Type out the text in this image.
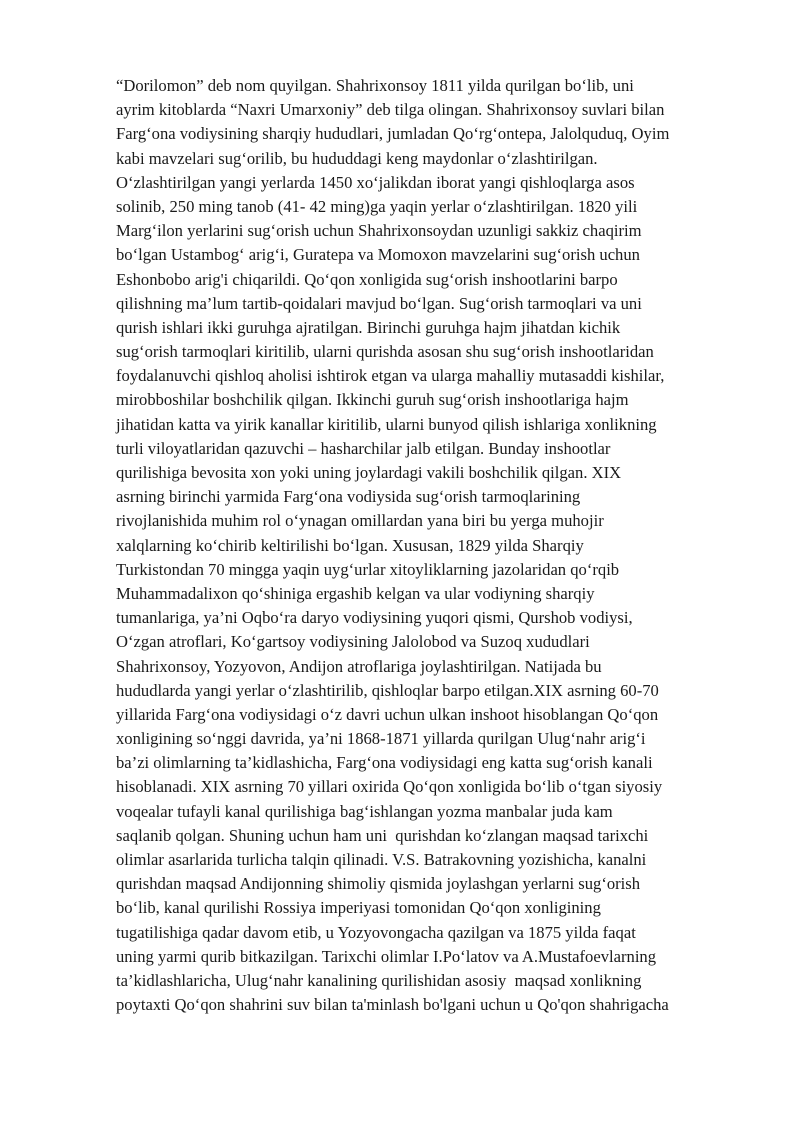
“Dorilomon” deb nom quyilgan. Shahrixonsoy 1811 yilda qurilgan bo‘lib, uni
ayrim kitoblarda “Naxri Umarxoniy” deb tilga olingan. Shahrixonsoy suvlari bilan
Farg‘ona vodiysining sharqiy hududlari, jumladan Qo‘rg‘ontepa, Jalolquduq, Oyim
kabi mavzelari sug‘orilib, bu hududdagi keng maydonlar o‘zlashtirilgan.
O‘zlashtirilgan yangi yerlarda 1450 xo‘jalikdan iborat yangi qishloqlarga asos
solinib, 250 ming tanob (41- 42 ming)ga yaqin yerlar o‘zlashtirilgan. 1820 yili
Marg‘ilon yerlarini sug‘orish uchun Shahrixonsoydan uzunligi sakkiz chaqirim
bo‘lgan Ustambog‘ arig‘i, Guratepa va Momoxon mavzelarini sug‘orish uchun
Eshonbobo arig'i chiqarildi. Qo‘qon xonligida sug‘orish inshootlarini barpo
qilishning ma’lum tartib-qoidalari mavjud bo‘lgan. Sug‘orish tarmoqlari va uni
qurish ishlari ikki guruhga ajratilgan. Birinchi guruhga hajm jihatdan kichik
sug‘orish tarmoqlari kiritilib, ularni qurishda asosan shu sug‘orish inshootlaridan
foydalanuvchi qishloq aholisi ishtirok etgan va ularga mahalliy mutasaddi kishilar,
mirobboshilar boshchilik qilgan. Ikkinchi guruh sug‘orish inshootlariga hajm
jihatidan katta va yirik kanallar kiritilib, ularni bunyod qilish ishlariga xonlikning
turli viloyatlaridan qazuvchi – hasharchilar jalb etilgan. Bunday inshootlar
qurilishiga bevosita xon yoki uning joylardagi vakili boshchilik qilgan. XIX
asrning birinchi yarmida Farg‘ona vodiysida sug‘orish tarmoqlarining
rivojlanishida muhim rol o‘ynagan omillardan yana biri bu yerga muhojir
xalqlarning ko‘chirib keltirilishi bo‘lgan. Xususan, 1829 yilda Sharqiy
Turkistondan 70 mingga yaqin uyg‘urlar xitoyliklarning jazolaridan qo‘rqib
Muhammadalixon qo‘shiniga ergashib kelgan va ular vodiyning sharqiy
tumanlariga, ya’ni Oqbo‘ra daryo vodiysining yuqori qismi, Qurshob vodiysi,
O‘zgan atroflari, Ko‘gartsoy vodiysining Jalolobod va Suzoq xududlari
Shahrixonsoy, Yozyovon, Andijon atroflariga joylashtirilgan. Natijada bu
hududlarda yangi yerlar o‘zlashtirilib, qishloqlar barpo etilgan.XIX asrning 60-70
yillarida Farg‘ona vodiysidagi o‘z davri uchun ulkan inshoot hisoblangan Qo‘qon
xonligining so‘nggi davrida, ya’ni 1868-1871 yillarda qurilgan Ulug‘nahr arig‘i
ba’zi olimlarning ta’kidlashicha, Farg‘ona vodiysidagi eng katta sug‘orish kanali
hisoblanadi. XIX asrning 70 yillari oxirida Qo‘qon xonligida bo‘lib o‘tgan siyosiy
voqealar tufayli kanal qurilishiga bag‘ishlangan yozma manbalar juda kam
saqlanib qolgan. Shuning uchun ham uni  qurishdan ko‘zlangan maqsad tarixchi
olimlar asarlarida turlicha talqin qilinadi. V.S. Batrakovning yozishicha, kanalni
qurishdan maqsad Andijonning shimoliy qismida joylashgan yerlarni sug‘orish
bo‘lib, kanal qurilishi Rossiya imperiyasi tomonidan Qo‘qon xonligining
tugatilishiga qadar davom etib, u Yozyovongacha qazilgan va 1875 yilda faqat
uning yarmi qurib bitkazilgan. Tarixchi olimlar I.Po‘latov va A.Mustafoevlarning
ta’kidlashlaricha, Ulug‘nahr kanalining qurilishidan asosiy  maqsad xonlikning
poytaxti Qo‘qon shahrini suv bilan ta'minlash bo'lgani uchun u Qo'qon shahrigacha
